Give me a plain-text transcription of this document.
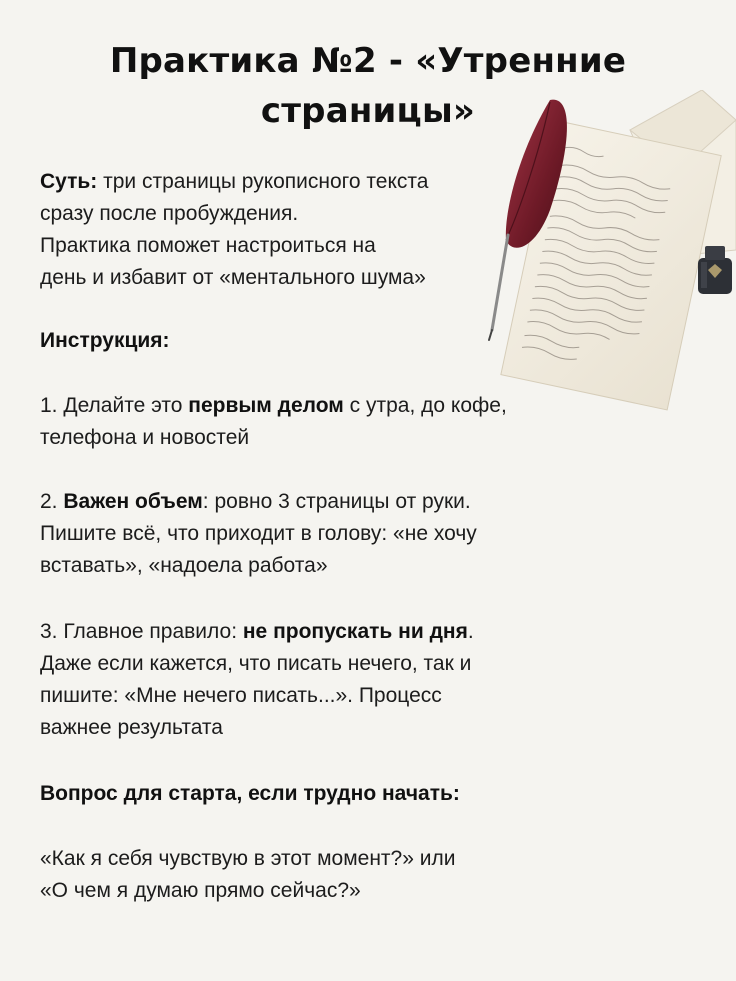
Практика №2 - «Утренние
страницы»
Суть: три страницы рукописного текста
сразу после пробуждения.
Практика поможет настроиться на
день и избавит от «ментального шума»
Инструкция:
1. Делайте это первым делом с утра, до кофе,
телефона и новостей
2. Важен объем: ровно 3 страницы от руки.
Пишите всё, что приходит в голову: «не хочу
вставать», «надоела работа»
3. Главное правило: не пропускать ни дня.
Даже если кажется, что писать нечего, так и
пишите: «Мне нечего писать...». Процесс
важнее результата
Вопрос для старта, если трудно начать:
«Как я себя чувствую в этот момент?» или
«О чем я думаю прямо сейчас?»
